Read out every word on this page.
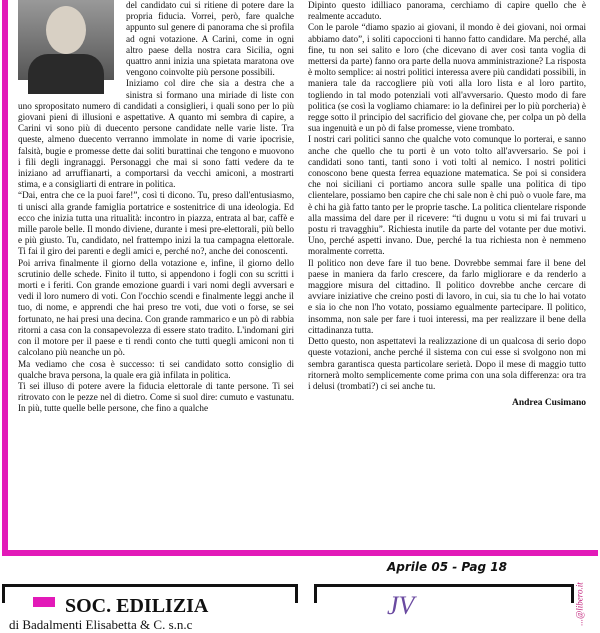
del candidato cui si ritiene di potere dare la propria fiducia. Vorrei, però, fare qualche appunto sul genere di panorama che si profila ad ogni votazione. A Carini, come in ogni altro paese della nostra cara Sicilia, ogni quattro anni inizia una spietata maratona ove vengono coinvolte più persone possibili.

Iniziamo col dire che sia a destra che a sinistra si formano una miriade di liste con uno spropositato numero di candidati a consiglieri, i quali sono per lo più giovani pieni di illusioni e aspettative. A quanto mi sembra di capire, a Carini vi sono più di duecento persone candidate nelle varie liste. Tra queste, almeno duecento verranno immolate in nome di varie ipocrisie, falsità, bugie e promesse dette dai soliti burattinai che tengono e muovono i fili degli ingranaggi. Personaggi che mai si sono fatti vedere da te iniziano ad arruffianarti, a comportarsi da vecchi amiconi, a mostrarti stima, e a consigliarti di entrare in politica.

“Dai, entra che ce la puoi fare!”, così ti dicono. Tu, preso dall'entusiasmo, ti unisci alla grande famiglia portatrice e sostenitrice di una ideologia. Ed ecco che inizia tutta una ritualità: incontro in piazza, entrata al bar, caffè e mille parole belle. Il mondo diviene, durante i mesi pre-elettorali, più bello e più giusto. Tu, candidato, nel frattempo inizi la tua campagna elettorale. Ti fai il giro dei parenti e degli amici e, perché no?, anche dei conoscenti.

Poi arriva finalmente il giorno della votazione e, infine, il giorno dello scrutinio delle schede. Finito il tutto, si appendono i fogli con su scritti i morti e i feriti. Con grande emozione guardi i vari nomi degli avversari e vedi il loro numero di voti. Con l'occhio scendi e finalmente leggi anche il tuo, di nome, e apprendi che hai preso tre voti, due voti o forse, se sei fortunato, ne hai presi una decina. Con grande rammarico e un pò di rabbia ritorni a casa con la consapevolezza di essere stato tradito. L'indomani giri con il motore per il paese e ti rendi conto che tutti quegli amiconi non ti calcolano più neanche un pò.

Ma vediamo che cosa è successo: ti sei candidato sotto consiglio di qualche brava persona, la quale era già infilata in politica.

Ti sei illuso di potere avere la fiducia elettorale di tante persone. Ti sei ritrovato con le pezze nel di dietro. Come si suol dire: cumuto e vastunatu. In più, tutte quelle belle persone, che fino a qualche

Dipinto questo idilliaco panorama, cerchiamo di capire quello che è realmente accaduto.

Con le parole “diamo spazio ai giovani, il mondo è dei giovani, noi ormai abbiamo dato”, i soliti capoccioni ti hanno fatto candidare. Ma perché, alla fine, tu non sei salito e loro (che dicevano di aver così tanta voglia di mettersi da parte) fanno ora parte della nuova amministrazione? La risposta è molto semplice: ai nostri politici interessa avere più candidati possibili, in maniera tale da raccogliere più voti alla loro lista e al loro partito, togliendo in tal modo potenziali voti all'avversario. Questo modo di fare politica (se così la vogliamo chiamare: io la definirei per lo più porcheria) è regge sotto il principio del sacrificio del giovane che, per colpa un pò della sua ingenuità e un pò di false promesse, viene trombato.

I nostri cari politici sanno che qualche voto comunque lo porterai, e sanno anche che quello che tu porti è un voto tolto all'avversario. Se poi i candidati sono tanti, tanti sono i voti tolti al nemico. I nostri politici conoscono bene questa ferrea equazione matematica. Se poi si considera che noi siciliani ci portiamo ancora sulle spalle una politica di tipo clientelare, possiamo ben capire che chi sale non è chi può o vuole fare, ma è chi ha già fatto tanto per le proprie tasche. La politica clientelare risponde alla massima del dare per il ricevere: “ti dugnu u votu si mi fai truvari u postu ri travagghiu”. Richiesta inutile da parte del votante per due motivi. Uno, perché aspetti invano. Due, perché la tua richiesta non è nemmeno moralmente corretta.

Il politico non deve fare il tuo bene. Dovrebbe semmai fare il bene del paese in maniera da farlo crescere, da farlo migliorare e da renderlo a maggiore misura del cittadino. Il politico dovrebbe anche cercare di avviare iniziative che creino posti di lavoro, in cui, sia tu che lo hai votato e sia io che non l'ho votato, possiamo egualmente partecipare. Il politico, insomma, non sale per fare i tuoi interessi, ma per realizzare il bene della cittadinanza tutta.

Detto questo, non aspettatevi la realizzazione di un qualcosa di serio dopo queste votazioni, anche perché il sistema con cui esse si svolgono non mi sembra garantisca questa particolare serietà. Dopo il mese di maggio tutto ritornerà molto semplicemente come prima con una sola differenza: ora tra i delusi (trombati?) ci sei anche tu.

Andrea Cusimano
Aprile 05 - Pag 18
SOC. EDILIZIA
di Badalmenti Elisabetta & C. s.n.c
JV	...@libero.it
